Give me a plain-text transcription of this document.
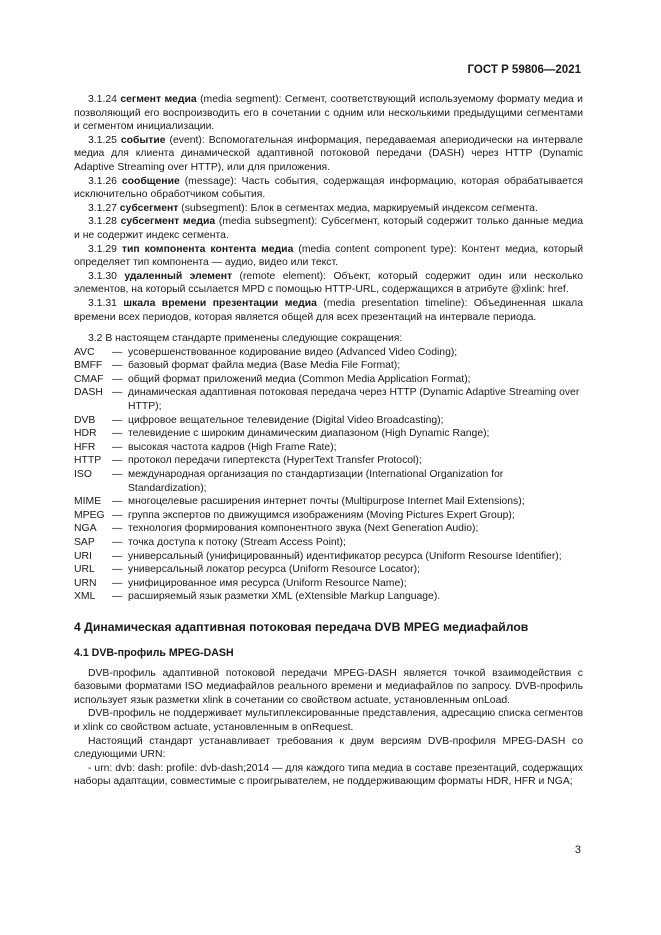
ГОСТ Р 59806—2021

3.1.24 сегмент медиа (media segment): Сегмент, соответствующий используемому формату медиа и позволяющий его воспроизводить его в сочетании с одним или несколькими предыдущими сегментами и сегментом инициализации.

3.1.25 событие (event): Вспомогательная информация, передаваемая апериодически на интервале медиа для клиента динамической адаптивной потоковой передачи (DASH) через HTTP (Dynamic Adaptive Streaming over HTTP), или для приложения.

3.1.26 сообщение (message): Часть события, содержащая информацию, которая обрабатывается исключительно обработчиком события.

3.1.27 субсегмент (subsegment): Блок в сегментах медиа, маркируемый индексом сегмента.

3.1.28 субсегмент медиа (media subsegment): Субсегмент, который содержит только данные медиа и не содержит индекс сегмента.

3.1.29 тип компонента контента медиа (media content component type): Контент медиа, который определяет тип компонента — аудио, видео или текст.

3.1.30 удаленный элемент (remote element): Объект, который содержит один или несколько элементов, на который ссылается MPD с помощью HTTP-URL, содержащихся в атрибуте @xlink: href.

3.1.31 шкала времени презентации медиа (media presentation timeline): Объединенная шкала времени всех периодов, которая является общей для всех презентаций на интервале периода.

3.2 В настоящем стандарте применены следующие сокращения:

AVC	— усовершенствованное кодирование видео (Advanced Video Coding);
BMFF — базовый формат файла медиа (Base Media File Format);
CMAF — общий формат приложений медиа (Common Media Application Format);
DASH — динамическая адаптивная потоковая передача через HTTP (Dynamic Adaptive Streaming over HTTP);
DVB	— цифровое вещательное телевидение (Digital Video Broadcasting);
HDR	— телевидение с широким динамическим диапазоном (High Dynamic Range);
HFR	— высокая частота кадров (High Frame Rate);
HTTP	— протокол передачи гипертекста (HyperText Transfer Protocol);
ISO	— международная организация по стандартизации (International Organization for Standardization);
MIME	— многоцелевые расширения интернет почты (Multipurpose Internet Mail Extensions);
MPEG — группа экспертов по движущимся изображениям (Moving Pictures Expert Group);
NGA	— технология формирования компонентного звука (Next Generation Audio);
SAP	— точка доступа к потоку (Stream Access Point);
URI	— универсальный (унифицированный) идентификатор ресурса (Uniform Resourse Identifier);
URL	— универсальный локатор ресурса (Uniform Resource Locator);
URN	— унифицированное имя ресурса (Uniform Resource Name);
XML	— расширяемый язык разметки XML (eXtensible Markup Language).
4 Динамическая адаптивная потоковая передача DVB MPEG медиафайлов
4.1 DVB-профиль MPEG-DASH

DVB-профиль адаптивной потоковой передачи MPEG-DASH является точкой взаимодействия с базовыми форматами ISO медиафайлов реального времени и медиафайлов по запросу. DVB-профиль использует язык разметки xlink в сочетании со свойством actuate, установленным onLoad.

DVB-профиль не поддерживает мультиплексированные представления, адресацию списка сегментов и xlink со свойством actuate, установленным в onRequest.

Настоящий стандарт устанавливает требования к двум версиям DVB-профиля MPEG-DASH со следующими URN:

- urn: dvb: dash: profile: dvb-dash;2014 — для каждого типа медиа в составе презентаций, содержащих наборы адаптации, совместимые с проигрывателем, не поддерживающим форматы HDR, HFR и NGA;

3
